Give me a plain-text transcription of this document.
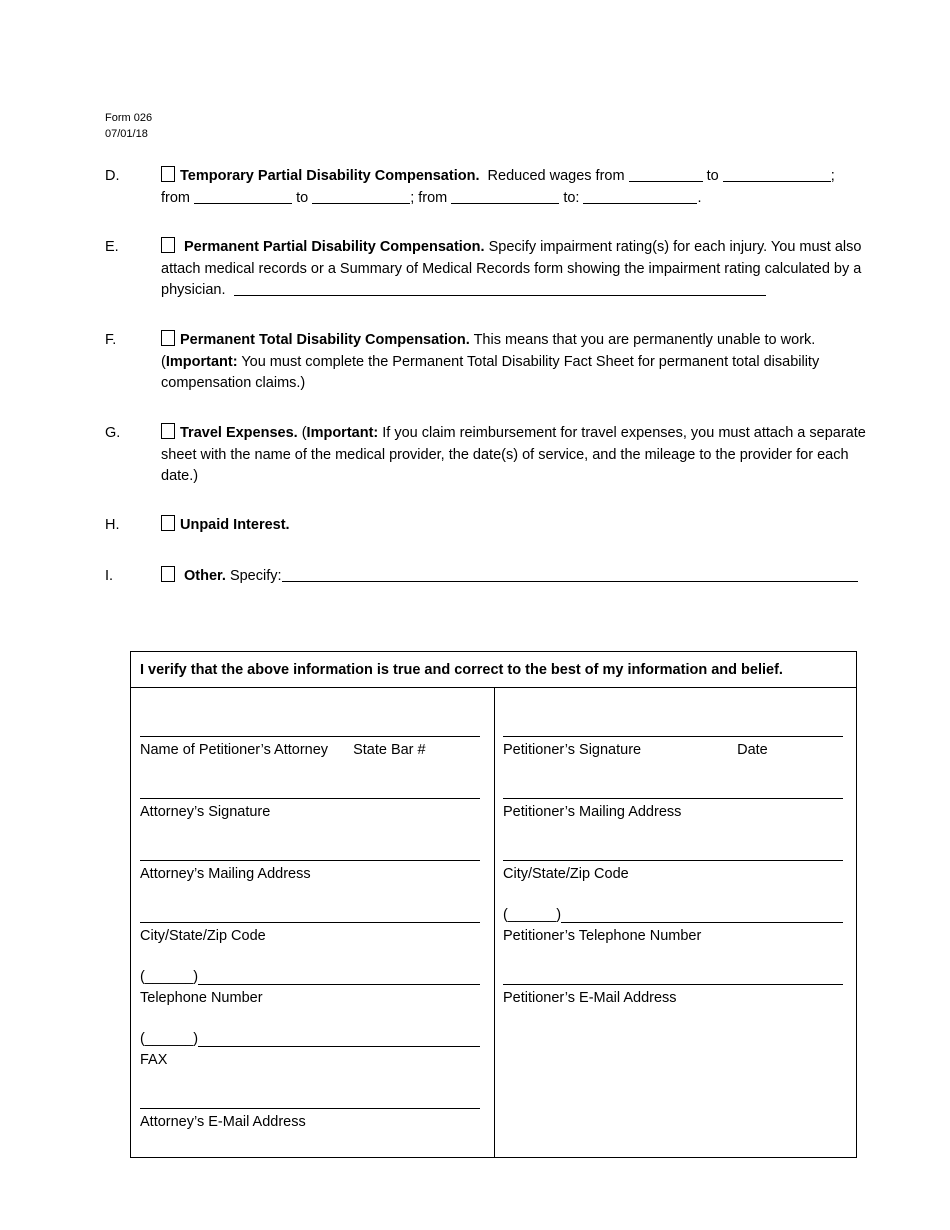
Form 026
07/01/18
D.	Temporary Partial Disability Compensation. Reduced wages from	to	;
from	to	; from	to:	.
E.	Permanent Partial Disability Compensation. Specify impairment rating(s) for each injury. You must also attach medical records or a Summary of Medical Records form showing the impairment rating calculated by a physician.
F.	Permanent Total Disability Compensation. This means that you are permanently unable to work. (Important: You must complete the Permanent Total Disability Fact Sheet for permanent total disability compensation claims.)
G.	Travel Expenses. (Important: If you claim reimbursement for travel expenses, you must attach a separate sheet with the name of the medical provider, the date(s) of service, and the mileage to the provider for each date.)
H.	Unpaid Interest.
I.	Other. Specify:
I verify that the above information is true and correct to the best of my information and belief.
Name of Petitioner’s Attorney State Bar #
Attorney’s Signature
Attorney’s Mailing Address
City/State/Zip Code
(______)
Telephone Number
(______)
FAX
Attorney’s E-Mail Address
Petitioner’s Signature	Date
Petitioner’s Mailing Address
City/State/Zip Code
(______)
Petitioner’s Telephone Number
Petitioner’s E-Mail Address
